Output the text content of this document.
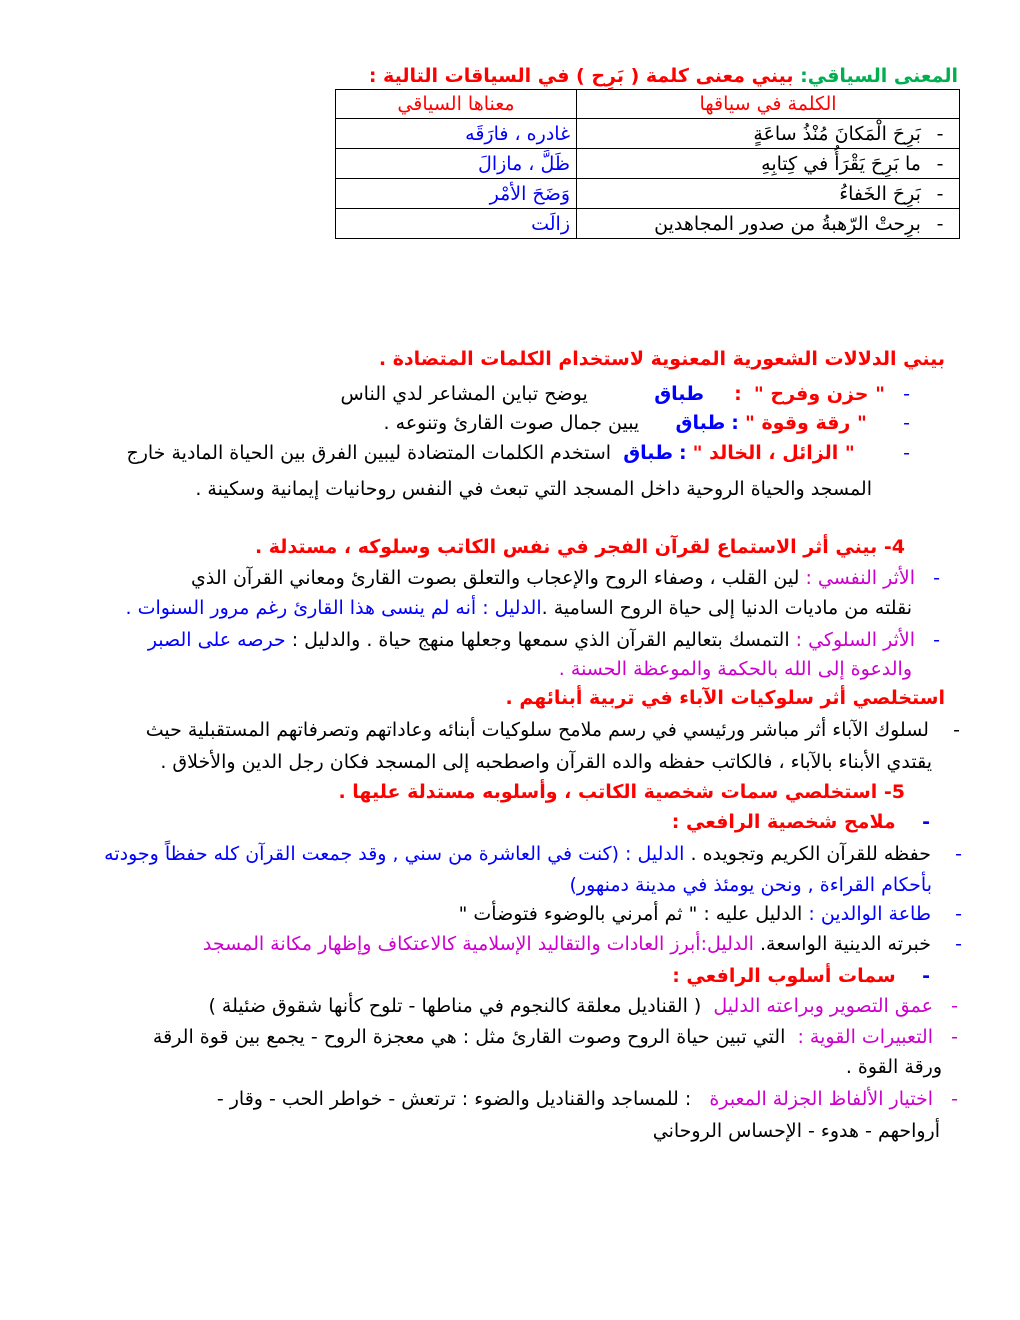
المعنى السياقي: بيني معنى كلمة ( بَرِح ) في السياقات التالية :
الكلمة في سياقها	معناها السياقي
- بَرِحَ الْمَكانَ مُنْذُ ساعَةٍ	غادره ، فارَقَه
- ما بَرِحَ يَقْرَأُ في كِتابِهِ	ظَلَّ ، مازالَ
- بَرِحَ الخَفاءُ	وَضَحَ الأمْر
- برِحتْ الرّهبةُ من صدور المجاهدين	زالَت
بيني الدلالات الشعورية المعنوية لاستخدام الكلمات المتضادة .
-   " حزن وفرح "  :     طباق           يوضح تباين المشاعر لدي الناس
-      " رقة وقوة " : طباق      يبين جمال صوت القارئ وتنوعه .
-        " الزائل ، الخالد " : طباق  استخدم الكلمات المتضادة ليبين الفرق بين الحياة المادية خارج
المسجد والحياة الروحية داخل المسجد التي تبعث في النفس روحانيات إيمانية وسكينة .
4- بيني أثر الاستماع لقرآن الفجر في نفس الكاتب وسلوكه ، مستدلة .
-   الأثر النفسي : لين القلب ، وصفاء الروح والإعجاب والتعلق بصوت القارئ ومعاني القرآن الذي
نقلته من ماديات الدنيا إلى حياة الروح السامية .الدليل : أنه لم ينسى هذا القارئ رغم مرور السنوات .
-   الأثر السلوكي : التمسك بتعاليم القرآن الذي سمعها وجعلها منهج حياة . والدليل : حرصه على الصبر
والدعوة إلى الله بالحكمة والموعظة الحسنة .
استخلصي أثر سلوكيات الآباء في تربية أبنائهم .
-    لسلوك الآباء أثر مباشر ورئيسي في رسم ملامح سلوكيات أبنائه وعاداتهم وتصرفاتهم المستقبلية حيث
يقتدي الأبناء بالآباء ، فالكاتب حفظه والده القرآن واصطحبه إلى المسجد فكان رجل الدين والأخلاق .
5- استخلصي سمات شخصية الكاتب ، وأسلوبه مستدلة عليها .
-    ملامح شخصية الرافعي :
-    حفظه للقرآن الكريم وتجويده . الدليل : (كنت في العاشرة من سني , وقد جمعت القرآن كله حفظاً وجودته
بأحكام القراءة , ونحن يومئذ في مدينة دمنهور)
-    طاعة الوالدين : الدليل عليه : " ثم أمرني بالوضوء فتوضأت "
-    خبرته الدينية الواسعة. الدليل:أبرز العادات والتقاليد الإسلامية كالاعتكاف وإظهار مكانة المسجد
-    سمات أسلوب الرافعي :
-   عمق التصوير وبراعته الدليل  ( القناديل معلقة كالنجوم في مناطها - تلوح كأنها شقوق ضئيلة )
-   التعبيرات القوية :  التي تبين حياة الروح وصوت القارئ مثل : هي معجزة الروح - يجمع بين قوة الرقة
ورقة القوة .
-   اختيار الألفاظ الجزلة المعبرة   : للمساجد والقناديل والضوء : ترتعش - خواطر الحب - وقار -
أرواحهم - هدوء - الإحساس الروحاني
